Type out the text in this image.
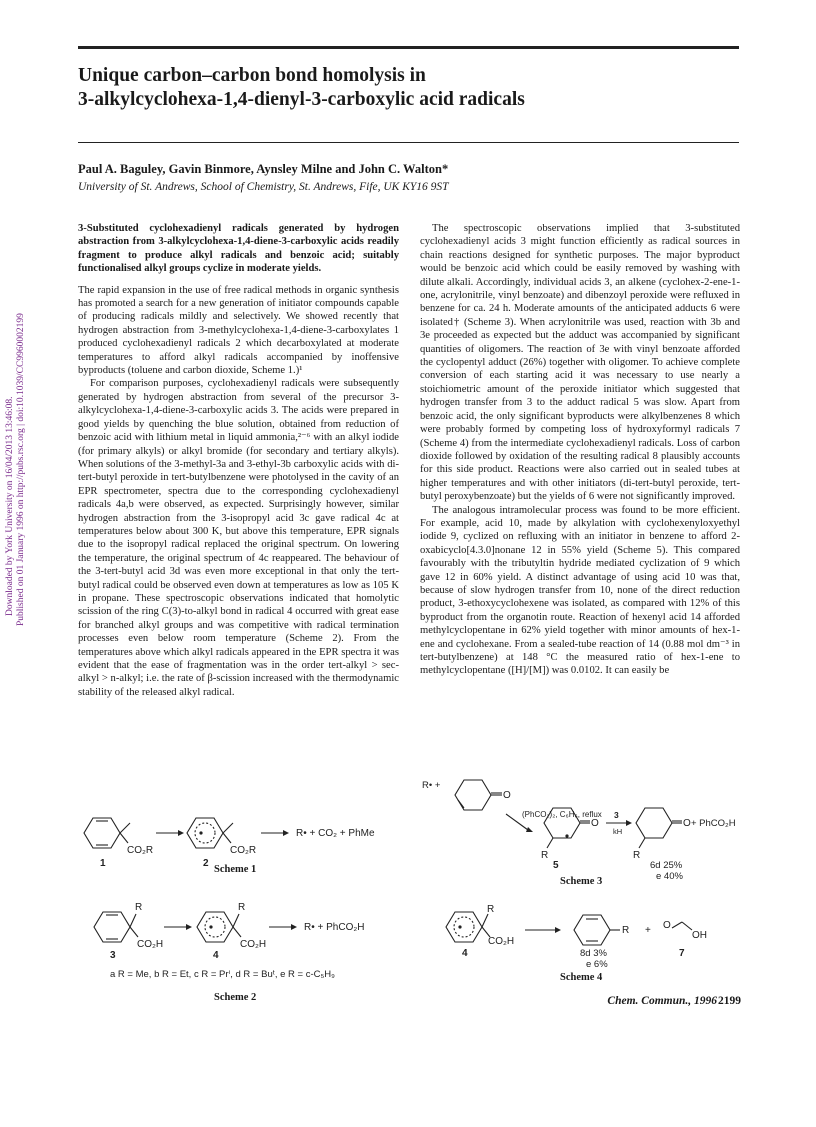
Unique carbon–carbon bond homolysis in
3-alkylcyclohexa-1,4-dienyl-3-carboxylic acid radicals
Paul A. Baguley, Gavin Binmore, Aynsley Milne and John C. Walton*
University of St. Andrews, School of Chemistry, St. Andrews, Fife, UK KY16 9ST
Downloaded by York University on 16/04/2013 13:46:08. Published on 01 January 1996 on http://pubs.rsc.org | doi:10.1039/CC9960002199

3-Substituted cyclohexadienyl radicals generated by hydrogen abstraction from 3-alkylcyclohexa-1,4-diene-3-carboxylic acids readily fragment to produce alkyl radicals and benzoic acid; suitably functionalised alkyl groups cyclize in moderate yields.

The rapid expansion in the use of free radical methods in organic synthesis has promoted a search for a new generation of initiator compounds capable of producing radicals mildly and selectively. We showed recently that hydrogen abstraction from 3-methylcyclohexa-1,4-diene-3-carboxylates 1 produced cyclohexadienyl radicals 2 which decarboxylated at moderate temperatures to afford alkyl radicals accompanied by inoffensive byproducts (toluene and carbon dioxide, Scheme 1.)¹

For comparison purposes, cyclohexadienyl radicals were subsequently generated by hydrogen abstraction from several of the precursor 3-alkylcyclohexa-1,4-diene-3-carboxylic acids 3. The acids were prepared in good yields by quenching the blue solution, obtained from reduction of benzoic acid with lithium metal in liquid ammonia,²⁻⁶ with an alkyl iodide (for primary alkyls) or alkyl bromide (for secondary and tertiary alkyls). When solutions of the 3-methyl-3a and 3-ethyl-3b carboxylic acids with di-tert-butyl peroxide in tert-butylbenzene were photolysed in the cavity of an EPR spectrometer, spectra due to the corresponding cyclohexadienyl radicals 4a,b were observed, as expected. Surprisingly however, similar hydrogen abstraction from the 3-isopropyl acid 3c gave radical 4c at temperatures below about 300 K, but above this temperature, EPR signals due to the isopropyl radical replaced the original spectrum. On lowering the temperature, the original spectrum of 4c reappeared. The behaviour of the 3-tert-butyl acid 3d was even more exceptional in that only the tert-butyl radical could be observed even down at temperatures as low as 105 K in propane. These spectroscopic observations indicated that homolytic scission of the ring C(3)-to-alkyl bond in radical 4 occurred with great ease for branched alkyl groups and was competitive with radical termination processes even below room temperature (Scheme 2). From the temperatures above which alkyl radicals appeared in the EPR spectra it was evident that the ease of fragmentation was in the order tert-alkyl > sec-alkyl > n-alkyl; i.e. the rate of β-scission increased with the thermodynamic stability of the released alkyl radical.

The spectroscopic observations implied that 3-substituted cyclohexadienyl acids 3 might function efficiently as radical sources in chain reactions designed for synthetic purposes. The major byproduct would be benzoic acid which could be easily removed by washing with dilute alkali. Accordingly, individual acids 3, an alkene (cyclohex-2-ene-1-one, acrylonitrile, vinyl benzoate) and dibenzoyl peroxide were refluxed in benzene for ca. 24 h. Moderate amounts of the anticipated adducts 6 were isolated† (Scheme 3). When acrylonitrile was used, reaction with 3b and 3e proceeded as expected but the adduct was accompanied by significant quantities of oligomers. The reaction of 3e with vinyl benzoate afforded the cyclopentyl adduct (26%) together with oligomer. To achieve complete conversion of each starting acid it was necessary to use nearly a stoichiometric amount of the peroxide initiator which suggested that hydrogen transfer from 3 to the adduct radical 5 was slow. Apart from benzoic acid, the only significant byproducts were alkylbenzenes 8 which were probably formed by competing loss of hydroxyformyl radicals 7 (Scheme 4) from the intermediate cyclohexadienyl radicals. Loss of carbon dioxide followed by oxidation of the resulting radical 8 plausibly accounts for this side product. Reactions were also carried out in sealed tubes at higher temperatures and with other initiators (di-tert-butyl peroxide, tert-butyl peroxybenzoate) but the yields of 6 were not significantly improved.

The analogous intramolecular process was found to be more efficient. For example, acid 10, made by alkylation with cyclohexenyloxyethyl iodide 9, cyclized on refluxing with an initiator in benzene to afford 2-oxabicyclo[4.3.0]nonane 12 in 55% yield (Scheme 5). This compared favourably with the tributyltin hydride mediated cyclization of 9 which gave 12 in 60% yield. A distinct advantage of using acid 10 was that, because of slow hydrogen transfer from 10, none of the direct reduction product, 3-ethoxycyclohexene was isolated, as compared with 12% of this byproduct from the organotin route. Reaction of hexenyl acid 14 afforded methylcyclopentane in 62% yield together with minor amounts of hex-1-ene and cyclohexane. From a sealed-tube reaction of 14 (0.88 mol dm⁻³ in tert-butylbenzene) at 148 °C the measured ratio of hex-1-ene to methylcyclopentane ([H]/[M]) was 0.0102. It can easily be

CO₂R	CO₂R
1	2
R• + CO₂ + PhMe
Scheme 1
R	R
CO₂H	CO₂H
3	4
R• + PhCO₂H
a R = Me, b R = Et, c R = Prⁱ, d R = Buᵗ, e R = c-C₅H₉
Scheme 2
R• +
O
(PhCO₂)₂, C₆H₆, reflux
O
3
kH
O + PhCO₂H
R	R
5	6d 25%
e 40%
Scheme 3
R
CO₂H
4
R + O
OH
7
8d 3%
e 6%
Scheme 4
Chem. Commun., 1996 2199
